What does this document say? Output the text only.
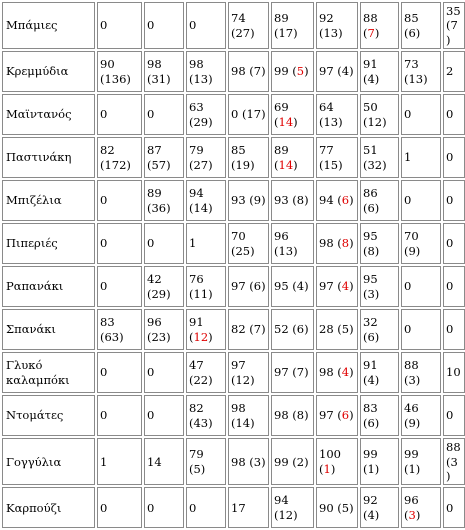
Μπάμιες	0	0	0	74 (27)	89 (17)	92 (13)	88 (7)	85 (6)	35 (7)
Κρεμμύδια	90 (136)	98 (31)	98 (13)	98 (7)	99 (5)	97 (4)	91 (4)	73 (13)	2
Μαϊντανός	0	0	63 (29)	0 (17)	69 (14)	64 (13)	50 (12)	0	0
Παστινάκη	82 (172)	87 (57)	79 (27)	85 (19)	89 (14)	77 (15)	51 (32)	1	0
Μπιζέλια	0	89 (36)	94 (14)	93 (9)	93 (8)	94 (6)	86 (6)	0	0
Πιπεριές	0	0	1	70 (25)	96 (13)	98 (8)	95 (8)	70 (9)	0
Ραπανάκι	0	42 (29)	76 (11)	97 (6)	95 (4)	97 (4)	95 (3)	0	0
Σπανάκι	83 (63)	96 (23)	91 (12)	82 (7)	52 (6)	28 (5)	32 (6)	0	0
Γλυκό καλαμπόκι	0	0	47 (22)	97 (12)	97 (7)	98 (4)	91 (4)	88 (3)	10
Ντομάτες	0	0	82 (43)	98 (14)	98 (8)	97 (6)	83 (6)	46 (9)	0
Γογγύλια	1	14	79 (5)	98 (3)	99 (2)	100 (1)	99 (1)	99 (1)	88 (3)
Καρπούζι	0	0	0	17	94 (12)	90 (5)	92 (4)	96 (3)	0
